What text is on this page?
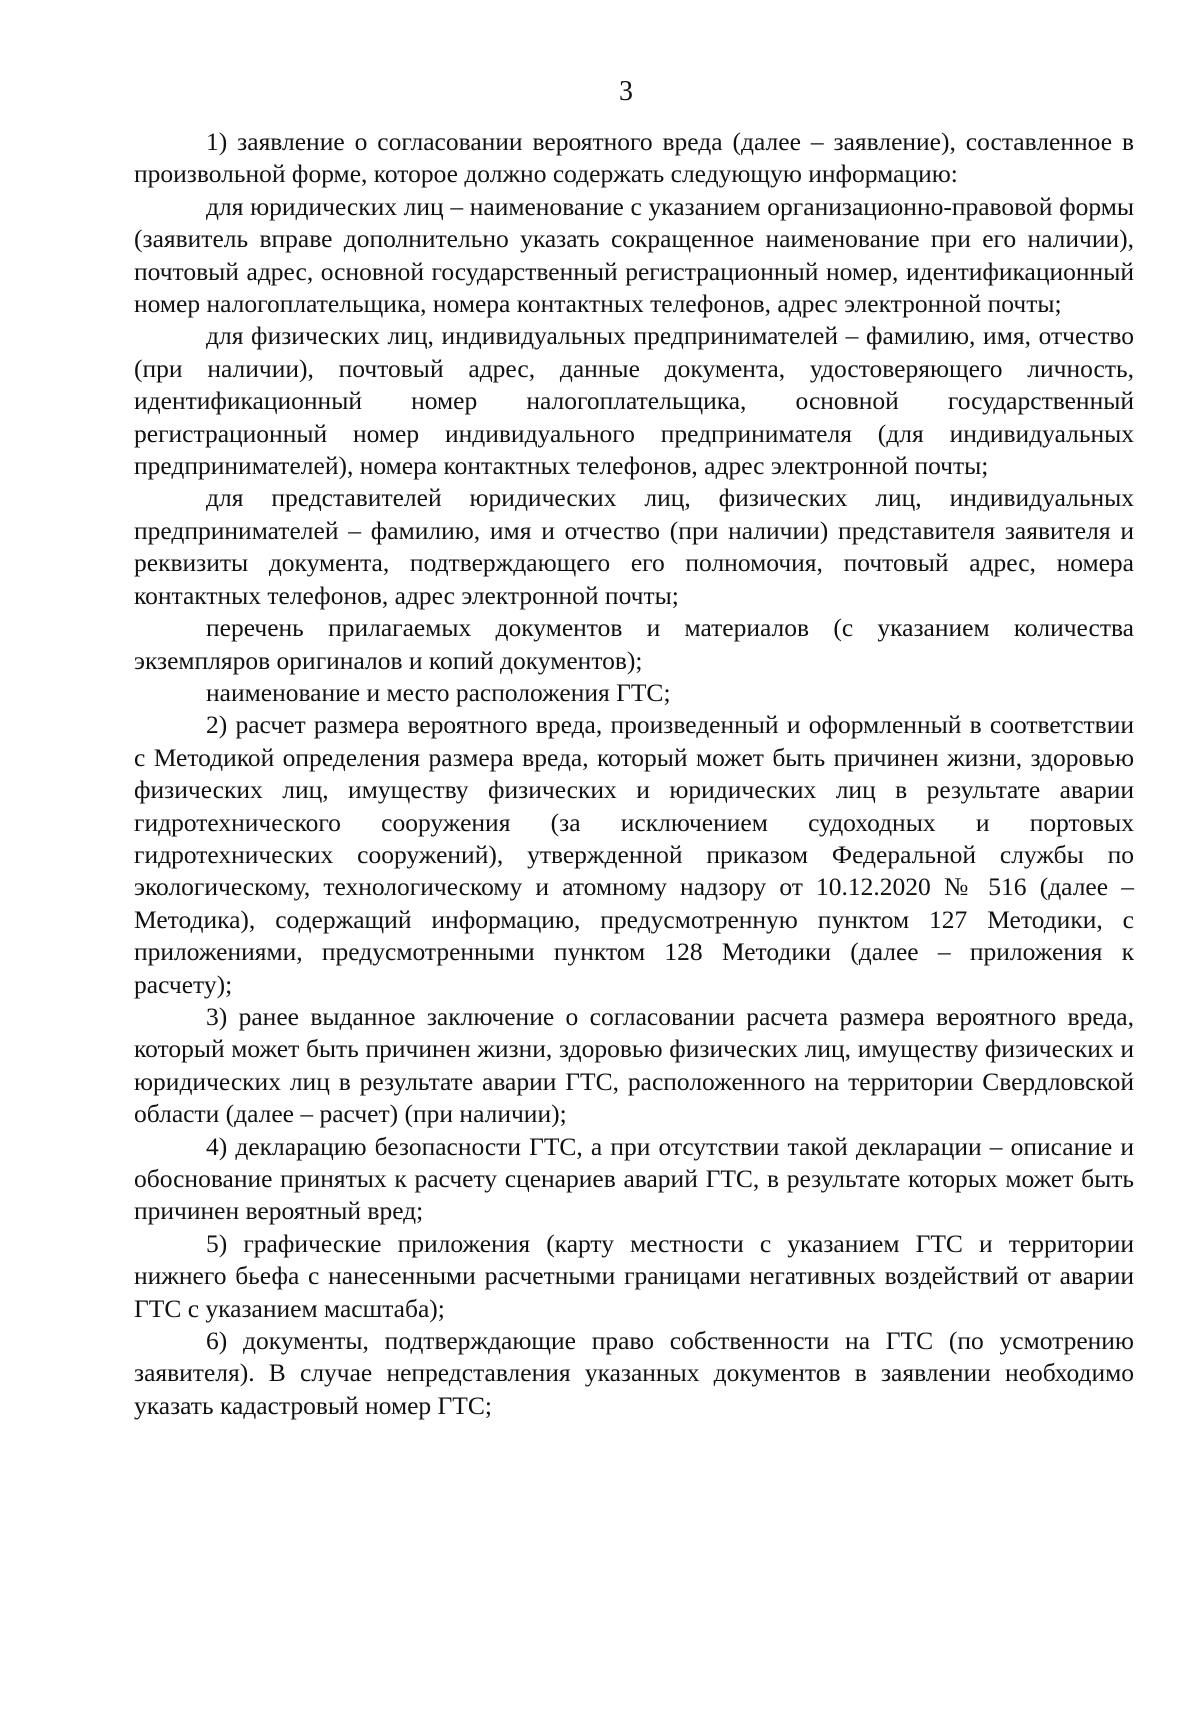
3

1) заявление о согласовании вероятного вреда (далее – заявление), составленное в произвольной форме, которое должно содержать следующую информацию:

для юридических лиц – наименование с указанием организационно-правовой формы (заявитель вправе дополнительно указать сокращенное наименование при его наличии), почтовый адрес, основной государственный регистрационный номер, идентификационный номер налогоплательщика, номера контактных телефонов, адрес электронной почты;

для физических лиц, индивидуальных предпринимателей – фамилию, имя, отчество (при наличии), почтовый адрес, данные документа, удостоверяющего личность, идентификационный номер налогоплательщика, основной государственный регистрационный номер индивидуального предпринимателя (для индивидуальных предпринимателей), номера контактных телефонов, адрес электронной почты;

для представителей юридических лиц, физических лиц, индивидуальных предпринимателей – фамилию, имя и отчество (при наличии) представителя заявителя и реквизиты документа, подтверждающего его полномочия, почтовый адрес, номера контактных телефонов, адрес электронной почты;

перечень прилагаемых документов и материалов (с указанием количества экземпляров оригиналов и копий документов);

наименование и место расположения ГТС;

2) расчет размера вероятного вреда, произведенный и оформленный в соответствии с Методикой определения размера вреда, который может быть причинен жизни, здоровью физических лиц, имуществу физических и юридических лиц в результате аварии гидротехнического сооружения (за исключением судоходных и портовых гидротехнических сооружений), утвержденной приказом Федеральной службы по экологическому, технологическому и атомному надзору от 10.12.2020 № 516 (далее – Методика), содержащий информацию, предусмотренную пунктом 127 Методики, с приложениями, предусмотренными пунктом 128 Методики (далее – приложения к расчету);

3) ранее выданное заключение о согласовании расчета размера вероятного вреда, который может быть причинен жизни, здоровью физических лиц, имуществу физических и юридических лиц в результате аварии ГТС, расположенного на территории Свердловской области (далее – расчет) (при наличии);

4) декларацию безопасности ГТС, а при отсутствии такой декларации – описание и обоснование принятых к расчету сценариев аварий ГТС, в результате которых может быть причинен вероятный вред;

5) графические приложения (карту местности с указанием ГТС и территории нижнего бьефа с нанесенными расчетными границами негативных воздействий от аварии ГТС с указанием масштаба);

6) документы, подтверждающие право собственности на ГТС (по усмотрению заявителя). В случае непредставления указанных документов в заявлении необходимо указать кадастровый номер ГТС;
